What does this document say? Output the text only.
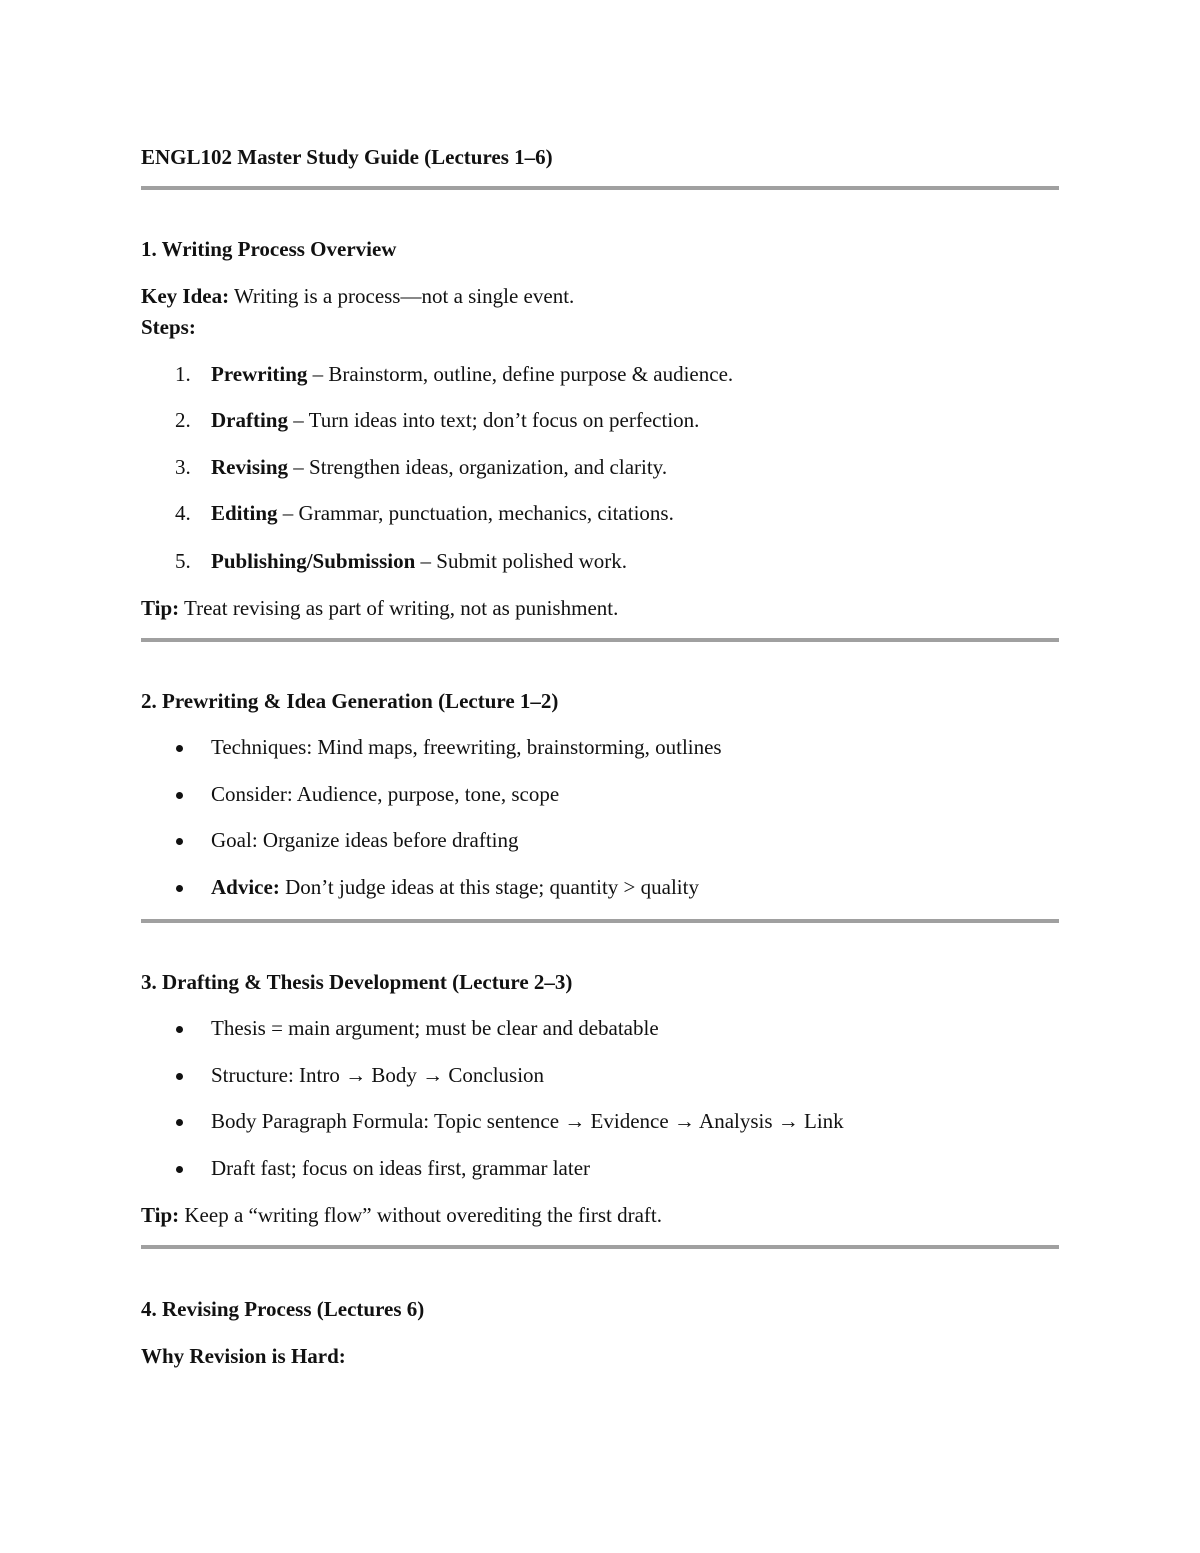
ENGL102 Master Study Guide (Lectures 1–6)
1. Writing Process Overview

Key Idea: Writing is a process—not a single event.

Steps:

1. Prewriting – Brainstorm, outline, define purpose & audience.

2. Drafting – Turn ideas into text; don’t focus on perfection.

3. Revising – Strengthen ideas, organization, and clarity.

4. Editing – Grammar, punctuation, mechanics, citations.

5. Publishing/Submission – Submit polished work.

Tip: Treat revising as part of writing, not as punishment.

2. Prewriting & Idea Generation (Lecture 1–2)

Techniques: Mind maps, freewriting, brainstorming, outlines

Consider: Audience, purpose, tone, scope

Goal: Organize ideas before drafting

Advice: Don’t judge ideas at this stage; quantity > quality

3. Drafting & Thesis Development (Lecture 2–3)

Thesis = main argument; must be clear and debatable

Structure: Intro → Body → Conclusion

Body Paragraph Formula: Topic sentence → Evidence → Analysis → Link

Draft fast; focus on ideas first, grammar later

Tip: Keep a “writing flow” without overediting the first draft.

4. Revising Process (Lectures 6)

Why Revision is Hard:
